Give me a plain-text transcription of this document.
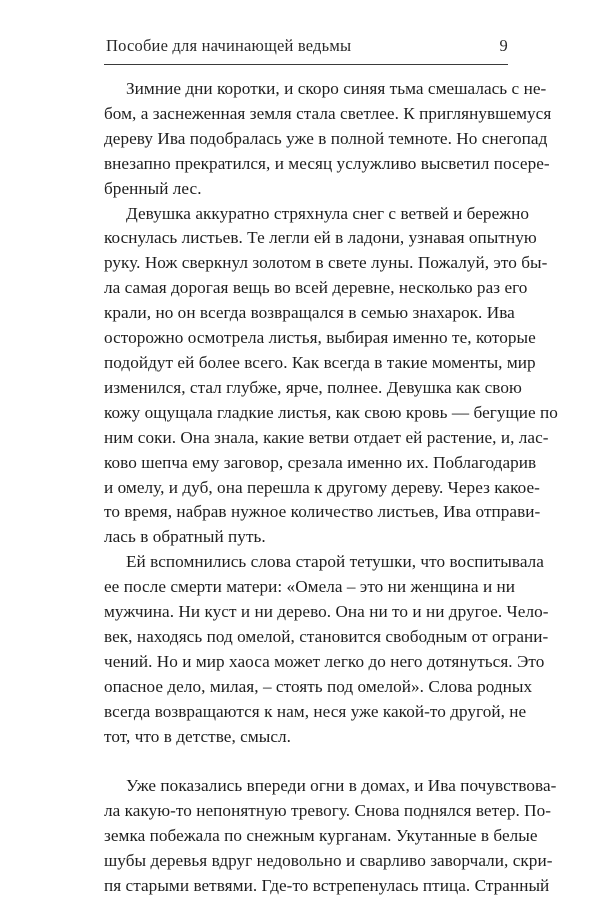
Пособие для начинающей ведьмы	9

Зимние дни коротки, и скоро синяя тьма смешалась с не-
бом, а заснеженная земля стала светлее. К приглянувшемуся
дереву Ива подобралась уже в полной темноте. Но снегопад
внезапно прекратился, и месяц услужливо высветил посере-
бренный лес.

Девушка аккуратно стряхнула снег с ветвей и бережно
коснулась листьев. Те легли ей в ладони, узнавая опытную
руку. Нож сверкнул золотом в свете луны. Пожалуй, это бы-
ла самая дорогая вещь во всей деревне, несколько раз его
крали, но он всегда возвращался в семью знахарок. Ива
осторожно осмотрела листья, выбирая именно те, которые
подойдут ей более всего. Как всегда в такие моменты, мир
изменился, стал глубже, ярче, полнее. Девушка как свою
кожу ощущала гладкие листья, как свою кровь — бегущие по
ним соки. Она знала, какие ветви отдает ей растение, и, лас-
ково шепча ему заговор, срезала именно их. Поблагодарив
и омелу, и дуб, она перешла к другому дереву. Через какое-
то время, набрав нужное количество листьев, Ива отправи-
лась в обратный путь.

Ей вспомнились слова старой тетушки, что воспитывала
ее после смерти матери: «Омела – это ни женщина и ни
мужчина. Ни куст и ни дерево. Она ни то и ни другое. Чело-
век, находясь под омелой, становится свободным от ограни-
чений. Но и мир хаоса может легко до него дотянуться. Это
опасное дело, милая, – стоять под омелой». Слова родных
всегда возвращаются к нам, неся уже какой-то другой, не
тот, что в детстве, смысл.

Уже показались впереди огни в домах, и Ива почувствова-
ла какую-то непонятную тревогу. Снова поднялся ветер. По-
земка побежала по снежным курганам. Укутанные в белые
шубы деревья вдруг недовольно и сварливо заворчали, скри-
пя старыми ветвями. Где-то встрепенулась птица. Странный
